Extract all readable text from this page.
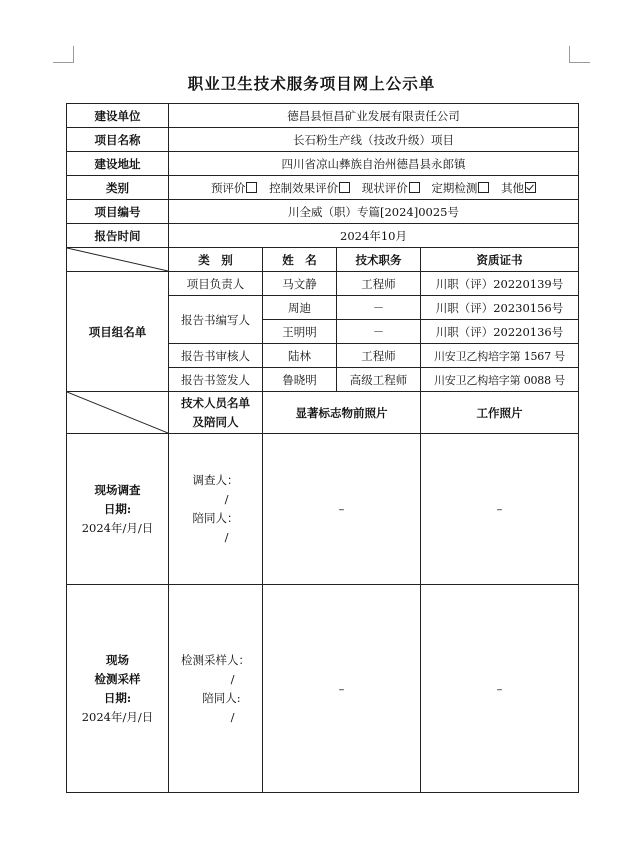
职业卫生技术服务项目网上公示单
建设单位	德昌县恒昌矿业发展有限责任公司			
项目名称	长石粉生产线（技改升级）项目			
建设地址	四川省凉山彝族自治州德昌县永郎镇			
类别	预评价 控制效果评价 现状评价 定期检测 其他			
项目编号	川全威（职）专篇[2024]0025号			
报告时间	2024年10月			

	类　别	姓　名	技术职务	资质证书
项目组名单	项目负责人	马文静	工程师	川职（评）20220139号
	报告书编写人	周迪	－	川职（评）20230156号
		王明明	－	川职（评）20220136号
	报告书审核人	陆林	工程师	川安卫乙构培字第 1567 号
	报告书签发人	鲁晓明	高级工程师	川安卫乙构培字第 0088 号

	技术人员名单
及陪同人	显著标志物前照片		工作照片
现场调查
日期:
2024年/月/日	调查人：
/
陪同人：
/	–		–
现场
检测采样
日期:
2024年/月/日	检测采样人：
/
陪同人:
/	–		–
